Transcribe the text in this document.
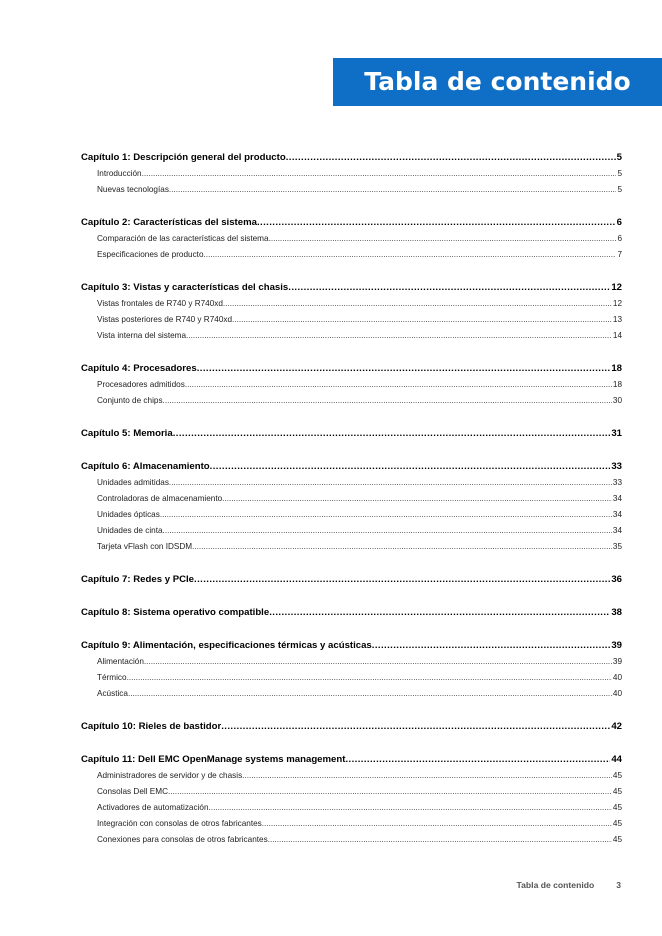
Tabla de contenido
Capítulo 1: Descripción general del producto .....	5
Introducción .....	5
Nuevas tecnologías .....	5
Capítulo 2: Características del sistema .....	6
Comparación de las características del sistema .....	6
Especificaciones de producto .....	7
Capítulo 3: Vistas y características del chasis .....	12
Vistas frontales de R740 y R740xd .....	12
Vistas posteriores de R740 y R740xd .....	13
Vista interna del sistema .....	14
Capítulo 4: Procesadores .....	18
Procesadores admitidos .....	18
Conjunto de chips .....	30
Capítulo 5: Memoria .....	31
Capítulo 6: Almacenamiento .....	33
Unidades admitidas .....	33
Controladoras de almacenamiento .....	34
Unidades ópticas .....	34
Unidades de cinta .....	34
Tarjeta vFlash con IDSDM .....	35
Capítulo 7: Redes y PCIe .....	36
Capítulo 8: Sistema operativo compatible .....	38
Capítulo 9: Alimentación, especificaciones térmicas y acústicas .....	39
Alimentación .....	39
Térmico .....	40
Acústica .....	40
Capítulo 10: Rieles de bastidor .....	42
Capítulo 11: Dell EMC OpenManage systems management .....	44
Administradores de servidor y de chasis .....	45
Consolas Dell EMC .....	45
Activadores de automatización .....	45
Integración con consolas de otros fabricantes .....	45
Conexiones para consolas de otros fabricantes .....	45
Tabla de contenido	3
